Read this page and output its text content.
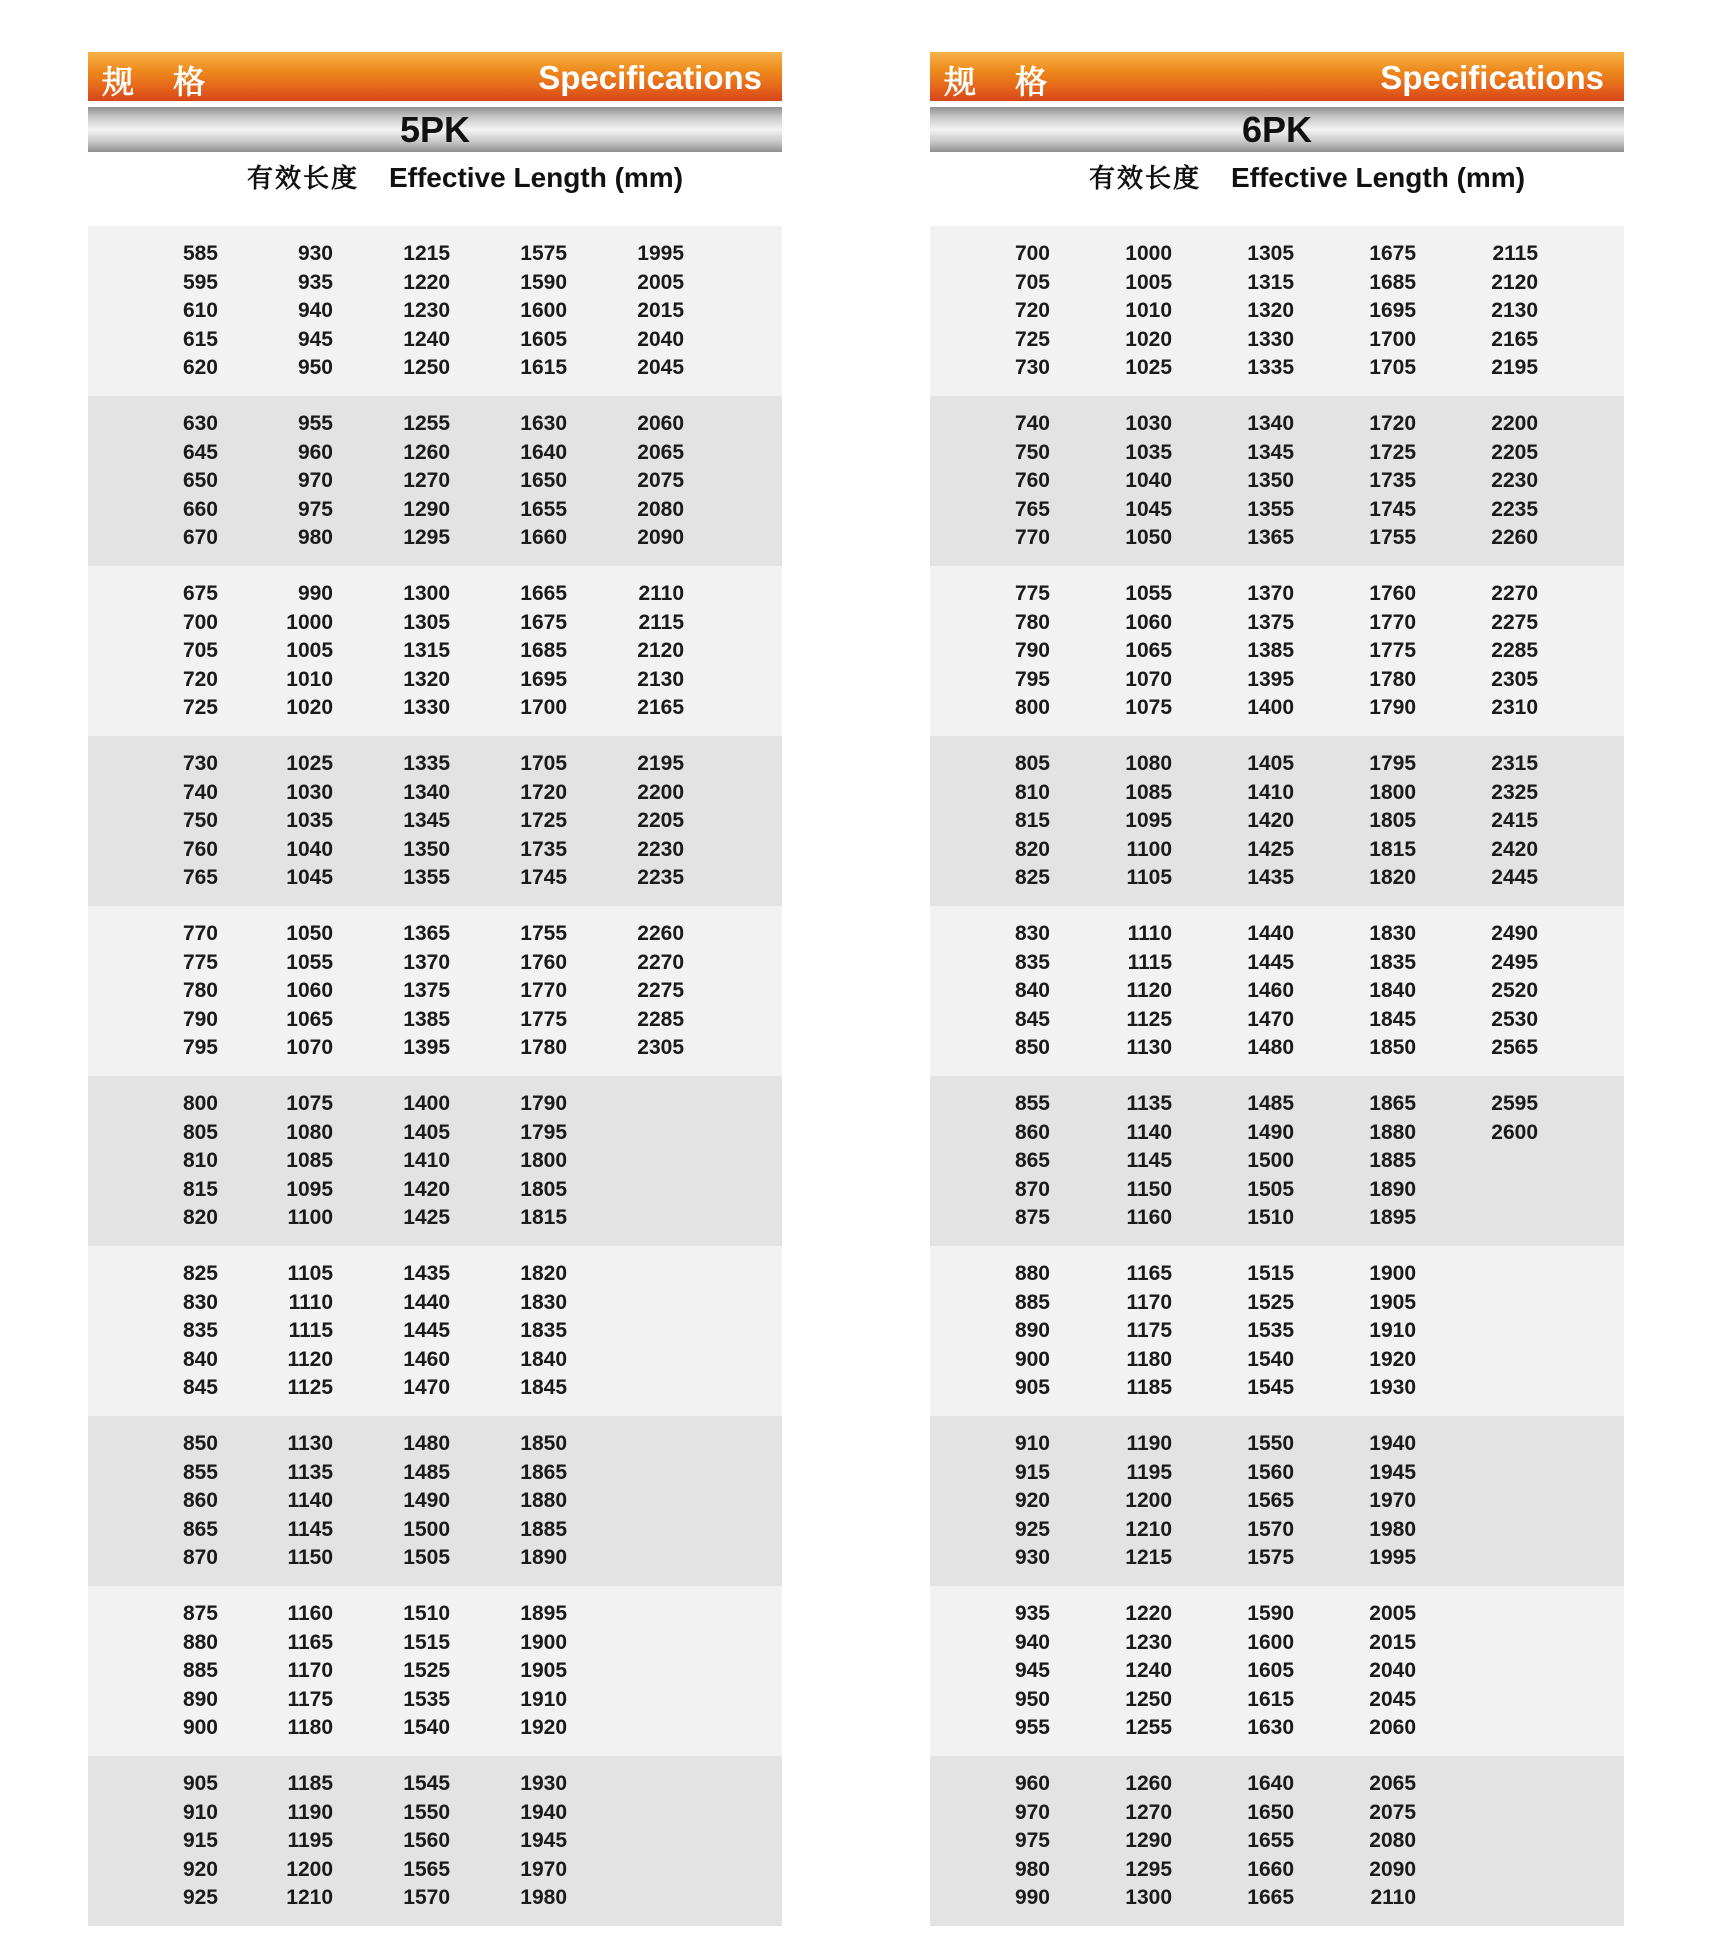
规 格	Specifications
5PK
有效长度 Effective Length (mm)
585
595
610
615
620
930
935
940
945
950
1215
1220
1230
1240
1250
1575
1590
1600
1605
1615
1995
2005
2015
2040
2045
630
645
650
660
670
955
960
970
975
980
1255
1260
1270
1290
1295
1630
1640
1650
1655
1660
2060
2065
2075
2080
2090
675
700
705
720
725
990
1000
1005
1010
1020
1300
1305
1315
1320
1330
1665
1675
1685
1695
1700
2110
2115
2120
2130
2165
730
740
750
760
765
1025
1030
1035
1040
1045
1335
1340
1345
1350
1355
1705
1720
1725
1735
1745
2195
2200
2205
2230
2235
770
775
780
790
795
1050
1055
1060
1065
1070
1365
1370
1375
1385
1395
1755
1760
1770
1775
1780
2260
2270
2275
2285
2305
800
805
810
815
820
1075
1080
1085
1095
1100
1400
1405
1410
1420
1425
1790
1795
1800
1805
1815
825
830
835
840
845
1105
1110
1115
1120
1125
1435
1440
1445
1460
1470
1820
1830
1835
1840
1845
850
855
860
865
870
1130
1135
1140
1145
1150
1480
1485
1490
1500
1505
1850
1865
1880
1885
1890
875
880
885
890
900
1160
1165
1170
1175
1180
1510
1515
1525
1535
1540
1895
1900
1905
1910
1920
905
910
915
920
925
1185
1190
1195
1200
1210
1545
1550
1560
1565
1570
1930
1940
1945
1970
1980
规 格	Specifications
6PK
有效长度 Effective Length (mm)
700
705
720
725
730
1000
1005
1010
1020
1025
1305
1315
1320
1330
1335
1675
1685
1695
1700
1705
2115
2120
2130
2165
2195
740
750
760
765
770
1030
1035
1040
1045
1050
1340
1345
1350
1355
1365
1720
1725
1735
1745
1755
2200
2205
2230
2235
2260
775
780
790
795
800
1055
1060
1065
1070
1075
1370
1375
1385
1395
1400
1760
1770
1775
1780
1790
2270
2275
2285
2305
2310
805
810
815
820
825
1080
1085
1095
1100
1105
1405
1410
1420
1425
1435
1795
1800
1805
1815
1820
2315
2325
2415
2420
2445
830
835
840
845
850
1110
1115
1120
1125
1130
1440
1445
1460
1470
1480
1830
1835
1840
1845
1850
2490
2495
2520
2530
2565
855
860
865
870
875
1135
1140
1145
1150
1160
1485
1490
1500
1505
1510
1865
1880
1885
1890
1895
2595
2600
880
885
890
900
905
1165
1170
1175
1180
1185
1515
1525
1535
1540
1545
1900
1905
1910
1920
1930
910
915
920
925
930
1190
1195
1200
1210
1215
1550
1560
1565
1570
1575
1940
1945
1970
1980
1995
935
940
945
950
955
1220
1230
1240
1250
1255
1590
1600
1605
1615
1630
2005
2015
2040
2045
2060
960
970
975
980
990
1260
1270
1290
1295
1300
1640
1650
1655
1660
1665
2065
2075
2080
2090
2110
